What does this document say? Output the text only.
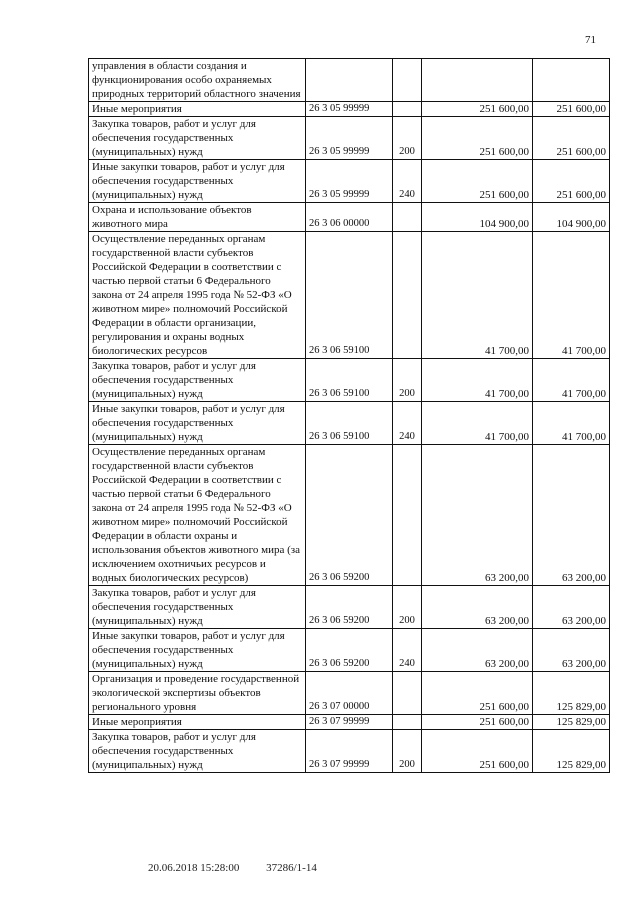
71
управления в области создания и функционирования особо охраняемых природных территорий областного значения				
Иные мероприятия	26 3 05 99999		251 600,00	251 600,00
Закупка товаров, работ и услуг для обеспечения государственных (муниципальных) нужд	26 3 05 99999	200	251 600,00	251 600,00
Иные закупки товаров, работ и услуг для обеспечения государственных (муниципальных) нужд	26 3 05 99999	240	251 600,00	251 600,00
Охрана и использование объектов животного мира	26 3 06 00000		104 900,00	104 900,00
Осуществление переданных органам государственной власти субъектов Российской Федерации в соответствии с частью первой статьи 6 Федерального закона от 24 апреля 1995 года № 52-ФЗ «О животном мире» полномочий Российской Федерации в области организации, регулирования и охраны водных биологических ресурсов	26 3 06 59100		41 700,00	41 700,00
Закупка товаров, работ и услуг для обеспечения государственных (муниципальных) нужд	26 3 06 59100	200	41 700,00	41 700,00
Иные закупки товаров, работ и услуг для обеспечения государственных (муниципальных) нужд	26 3 06 59100	240	41 700,00	41 700,00
Осуществление переданных органам государственной власти субъектов Российской Федерации в соответствии с частью первой статьи 6 Федерального закона от 24 апреля 1995 года № 52-ФЗ «О животном мире» полномочий Российской Федерации в области охраны и использования объектов животного мира (за исключением охотничьих ресурсов и водных биологических ресурсов)	26 3 06 59200		63 200,00	63 200,00
Закупка товаров, работ и услуг для обеспечения государственных (муниципальных) нужд	26 3 06 59200	200	63 200,00	63 200,00
Иные закупки товаров, работ и услуг для обеспечения государственных (муниципальных) нужд	26 3 06 59200	240	63 200,00	63 200,00
Организация и проведение государственной экологической экспертизы объектов регионального уровня	26 3 07 00000		251 600,00	125 829,00
Иные мероприятия	26 3 07 99999		251 600,00	125 829,00
Закупка товаров, работ и услуг для обеспечения государственных (муниципальных) нужд	26 3 07 99999	200	251 600,00	125 829,00
20.06.2018 15:28:00 37286/1-14
